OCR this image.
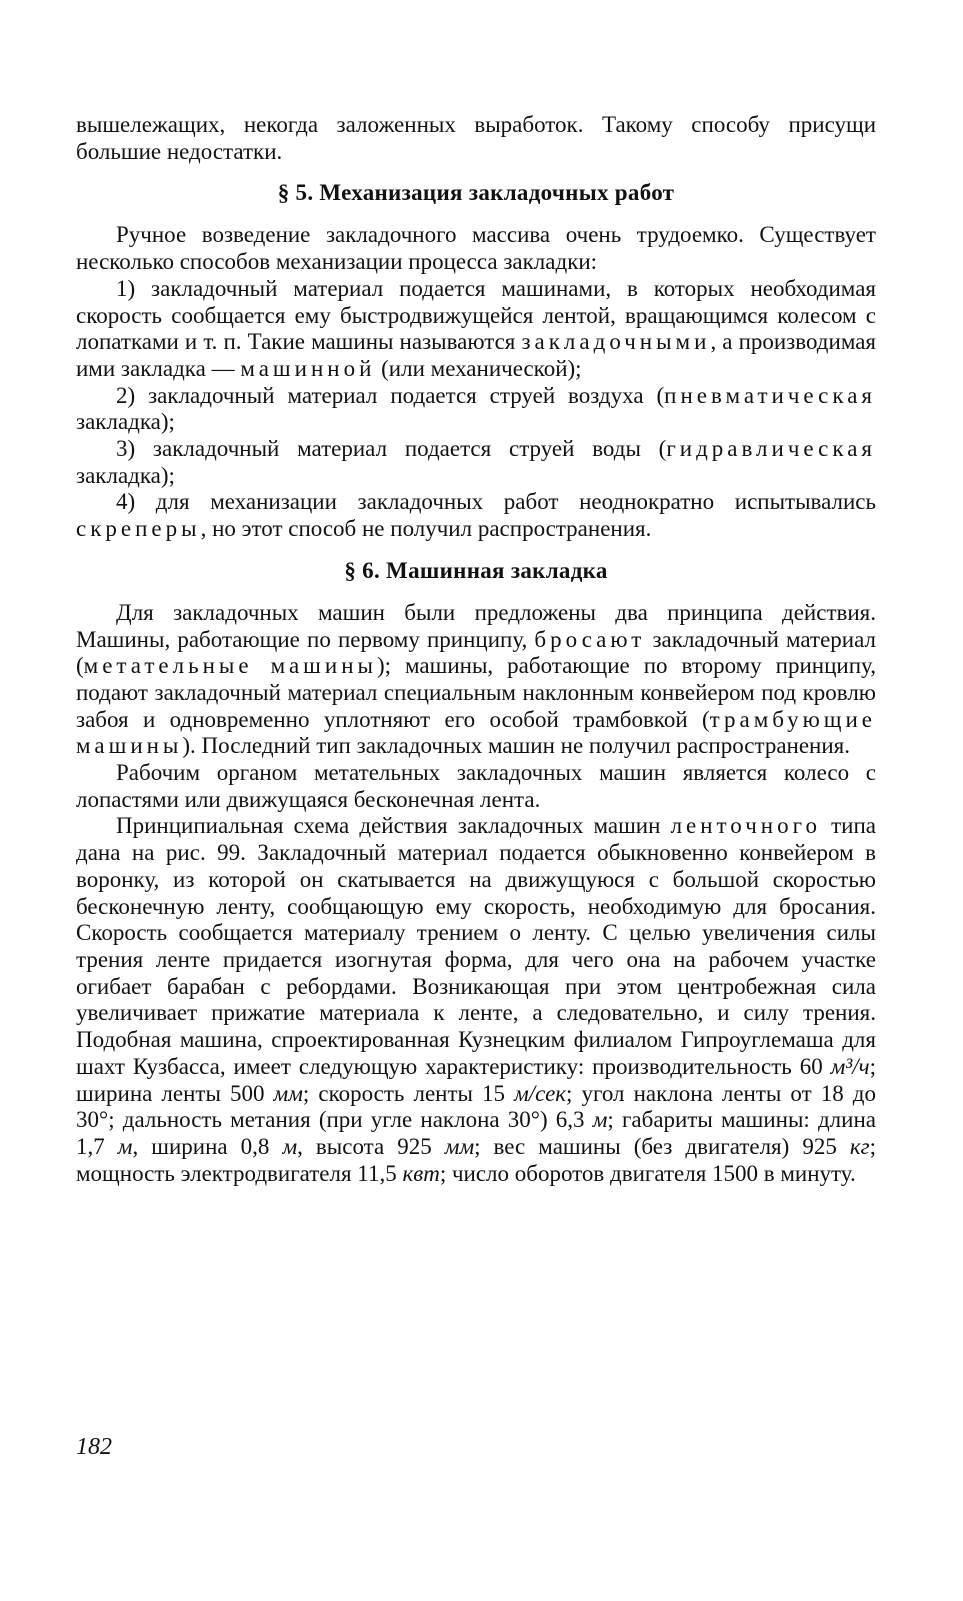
вышележащих, некогда заложенных выработок. Такому способу присущи большие недостатки.

§ 5. Механизация закладочных работ

Ручное возведение закладочного массива очень трудоемко. Существует несколько способов механизации процесса закладки:

1) закладочный материал подается машинами, в которых необходимая скорость сообщается ему быстродвижущейся лентой, вращающимся колесом с лопатками и т. п. Такие машины называются закладочными, а производимая ими закладка — машинной (или механической);

2) закладочный материал подается струей воздуха (пневматическая закладка);

3) закладочный материал подается струей воды (гидравлическая закладка);

4) для механизации закладочных работ неоднократно испытывались скреперы, но этот способ не получил распространения.

§ 6. Машинная закладка

Для закладочных машин были предложены два принципа действия. Машины, работающие по первому принципу, бросают закладочный материал (метательные машины); машины, работающие по второму принципу, подают закладочный материал специальным наклонным конвейером под кровлю забоя и одновременно уплотняют его особой трамбовкой (трамбующие машины). Последний тип закладочных машин не получил распространения.

Рабочим органом метательных закладочных машин является колесо с лопастями или движущаяся бесконечная лента.

Принципиальная схема действия закладочных машин ленточного типа дана на рис. 99. Закладочный материал подается обыкновенно конвейером в воронку, из которой он скатывается на движущуюся с большой скоростью бесконечную ленту, сообщающую ему скорость, необходимую для бросания. Скорость сообщается материалу трением о ленту. С целью увеличения силы трения ленте придается изогнутая форма, для чего она на рабочем участке огибает барабан с ребордами. Возникающая при этом центробежная сила увеличивает прижатие материала к ленте, а следовательно, и силу трения. Подобная машина, спроектированная Кузнецким филиалом Гипроуглемаша для шахт Кузбасса, имеет следующую характеристику: производительность 60 м³/ч; ширина ленты 500 мм; скорость ленты 15 м/сек; угол наклона ленты от 18 до 30°; дальность метания (при угле наклона 30°) 6,3 м; габариты машины: длина 1,7 м, ширина 0,8 м, высота 925 мм; вес машины (без двигателя) 925 кг; мощность электродвигателя 11,5 квт; число оборотов двигателя 1500 в минуту.

182
